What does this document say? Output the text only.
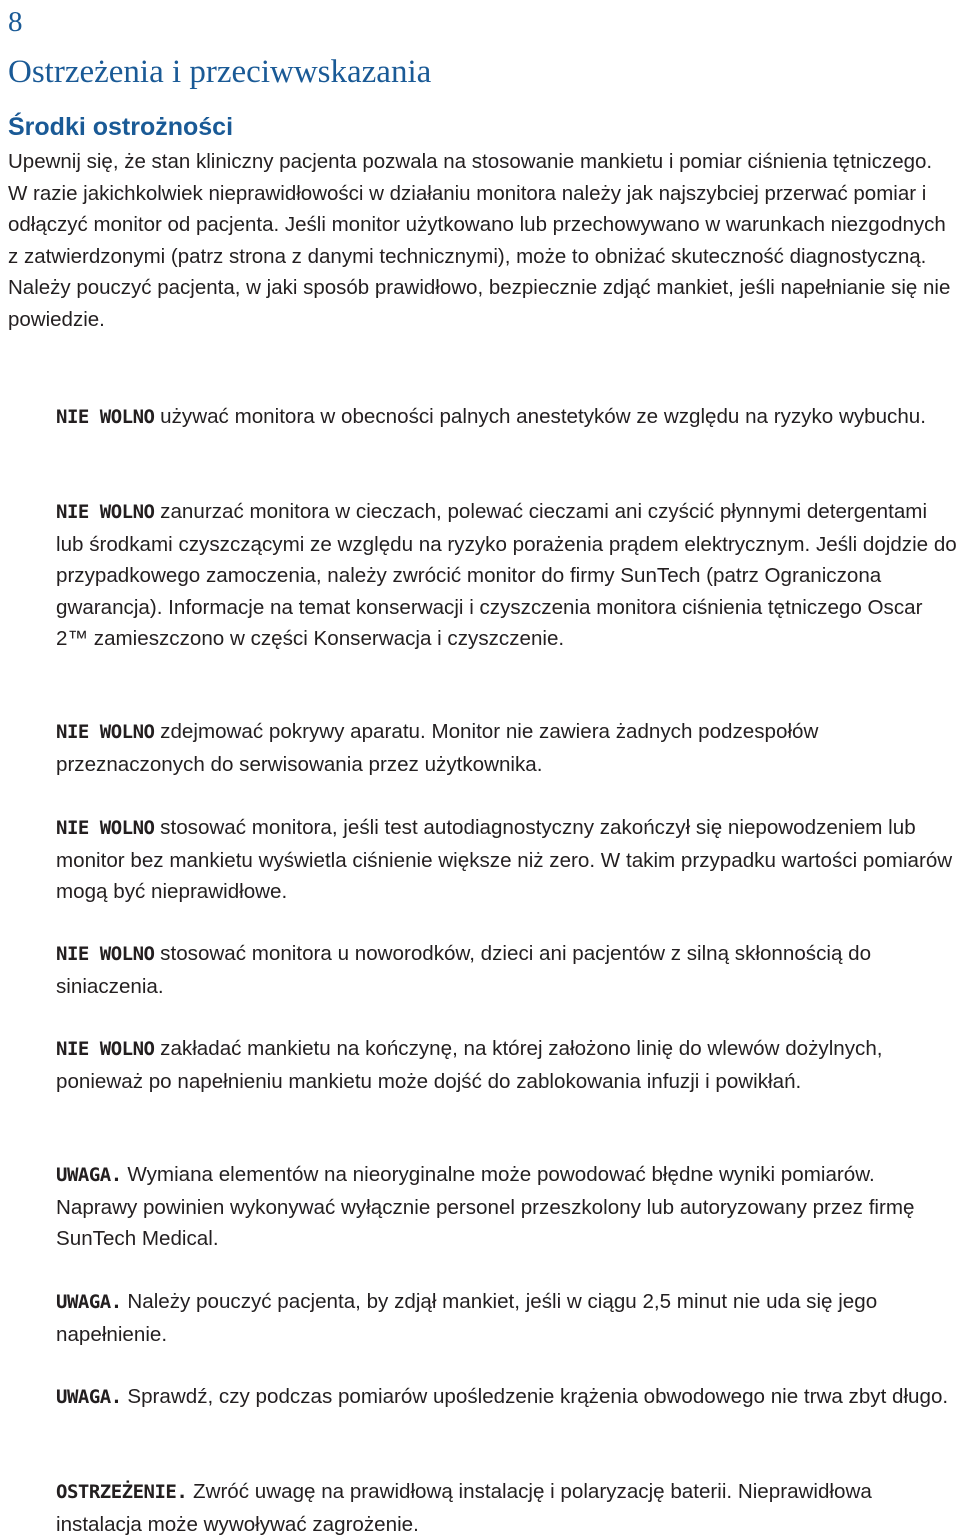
8
Ostrzeżenia i przeciwwskazania
Środki ostrożności

Upewnij się, że stan kliniczny pacjenta pozwala na stosowanie mankietu i pomiar ciśnienia tętniczego. W razie jakichkolwiek nieprawidłowości w działaniu monitora należy jak najszybciej przerwać pomiar i odłączyć monitor od pacjenta. Jeśli monitor użytkowano lub przechowywano w warunkach niezgodnych z zatwierdzonymi (patrz strona z danymi technicznymi), może to obniżać skuteczność diagnostyczną. Należy pouczyć pacjenta, w jaki sposób prawidłowo, bezpiecznie zdjąć mankiet, jeśli napełnianie się nie powiedzie.

NIE WOLNO używać monitora w obecności palnych anestetyków ze względu na ryzyko wybuchu.

NIE WOLNO zanurzać monitora w cieczach, polewać cieczami ani czyścić płynnymi detergentami lub środkami czyszczącymi ze względu na ryzyko porażenia prądem elektrycznym. Jeśli dojdzie do przypadkowego zamoczenia, należy zwrócić monitor do firmy SunTech (patrz Ograniczona gwarancja). Informacje na temat konserwacji i czyszczenia monitora ciśnienia tętniczego Oscar 2™ zamieszczono w części Konserwacja i czyszczenie.

NIE WOLNO zdejmować pokrywy aparatu. Monitor nie zawiera żadnych podzespołów przeznaczonych do serwisowania przez użytkownika.

NIE WOLNO stosować monitora, jeśli test autodiagnostyczny zakończył się niepowodzeniem lub monitor bez mankietu wyświetla ciśnienie większe niż zero. W takim przypadku wartości pomiarów mogą być nieprawidłowe.

NIE WOLNO stosować monitora u noworodków, dzieci ani pacjentów z silną skłonnością do siniaczenia.

NIE WOLNO zakładać mankietu na kończynę, na której założono linię do wlewów dożylnych, ponieważ po napełnieniu mankietu może dojść do zablokowania infuzji i powikłań.

UWAGA. Wymiana elementów na nieoryginalne może powodować błędne wyniki pomiarów. Naprawy powinien wykonywać wyłącznie personel przeszkolony lub autoryzowany przez firmę SunTech Medical.

UWAGA. Należy pouczyć pacjenta, by zdjął mankiet, jeśli w ciągu 2,5 minut nie uda się jego napełnienie.

UWAGA. Sprawdź, czy podczas pomiarów upośledzenie krążenia obwodowego nie trwa zbyt długo.

OSTRZEŻENIE. Zwróć uwagę na prawidłową instalację i polaryzację baterii. Nieprawidłowa instalacja może wywoływać zagrożenie.
